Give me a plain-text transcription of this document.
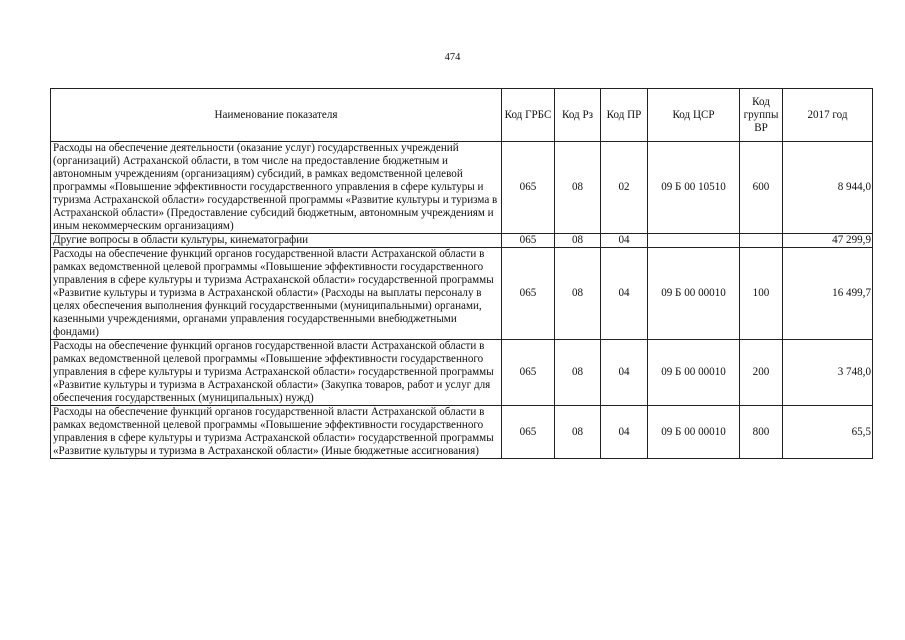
474
Наименование показателя	Код ГРБС	Код Рз	Код ПР	Код ЦСР	Код группы ВР	2017 год
Расходы на обеспечение деятельности (оказание услуг) государственных учреждений (организаций) Астраханской области, в том числе на предоставление бюджетным и автономным учреждениям (организациям) субсидий, в рамках ведомственной целевой программы «Повышение эффективности государственного управления в сфере культуры и туризма Астраханской области» государственной программы «Развитие культуры и туризма в Астраханской области» (Предоставление субсидий бюджетным, автономным учреждениям и иным некоммерческим организациям)	065	08	02	09 Б 00 10510	600	8 944,0
Другие вопросы в области культуры, кинематографии	065	08	04			47 299,9
Расходы на обеспечение функций органов государственной власти Астраханской области в рамках ведомственной целевой программы «Повышение эффективности государственного управления в сфере культуры и туризма Астраханской области» государственной программы «Развитие культуры и туризма в Астраханской области» (Расходы на выплаты персоналу в целях обеспечения выполнения функций государственными (муниципальными) органами, казенными учреждениями, органами управления государственными внебюджетными фондами)	065	08	04	09 Б 00 00010	100	16 499,7
Расходы на обеспечение функций органов государственной власти Астраханской области в рамках ведомственной целевой программы «Повышение эффективности государственного управления в сфере культуры и туризма Астраханской области» государственной программы «Развитие культуры и туризма в Астраханской области» (Закупка товаров, работ и услуг для обеспечения государственных (муниципальных) нужд)	065	08	04	09 Б 00 00010	200	3 748,0
Расходы на обеспечение функций органов государственной власти Астраханской области в рамках ведомственной целевой программы «Повышение эффективности государственного управления в сфере культуры и туризма Астраханской области» государственной программы «Развитие культуры и туризма в Астраханской области» (Иные бюджетные ассигнования)	065	08	04	09 Б 00 00010	800	65,5
